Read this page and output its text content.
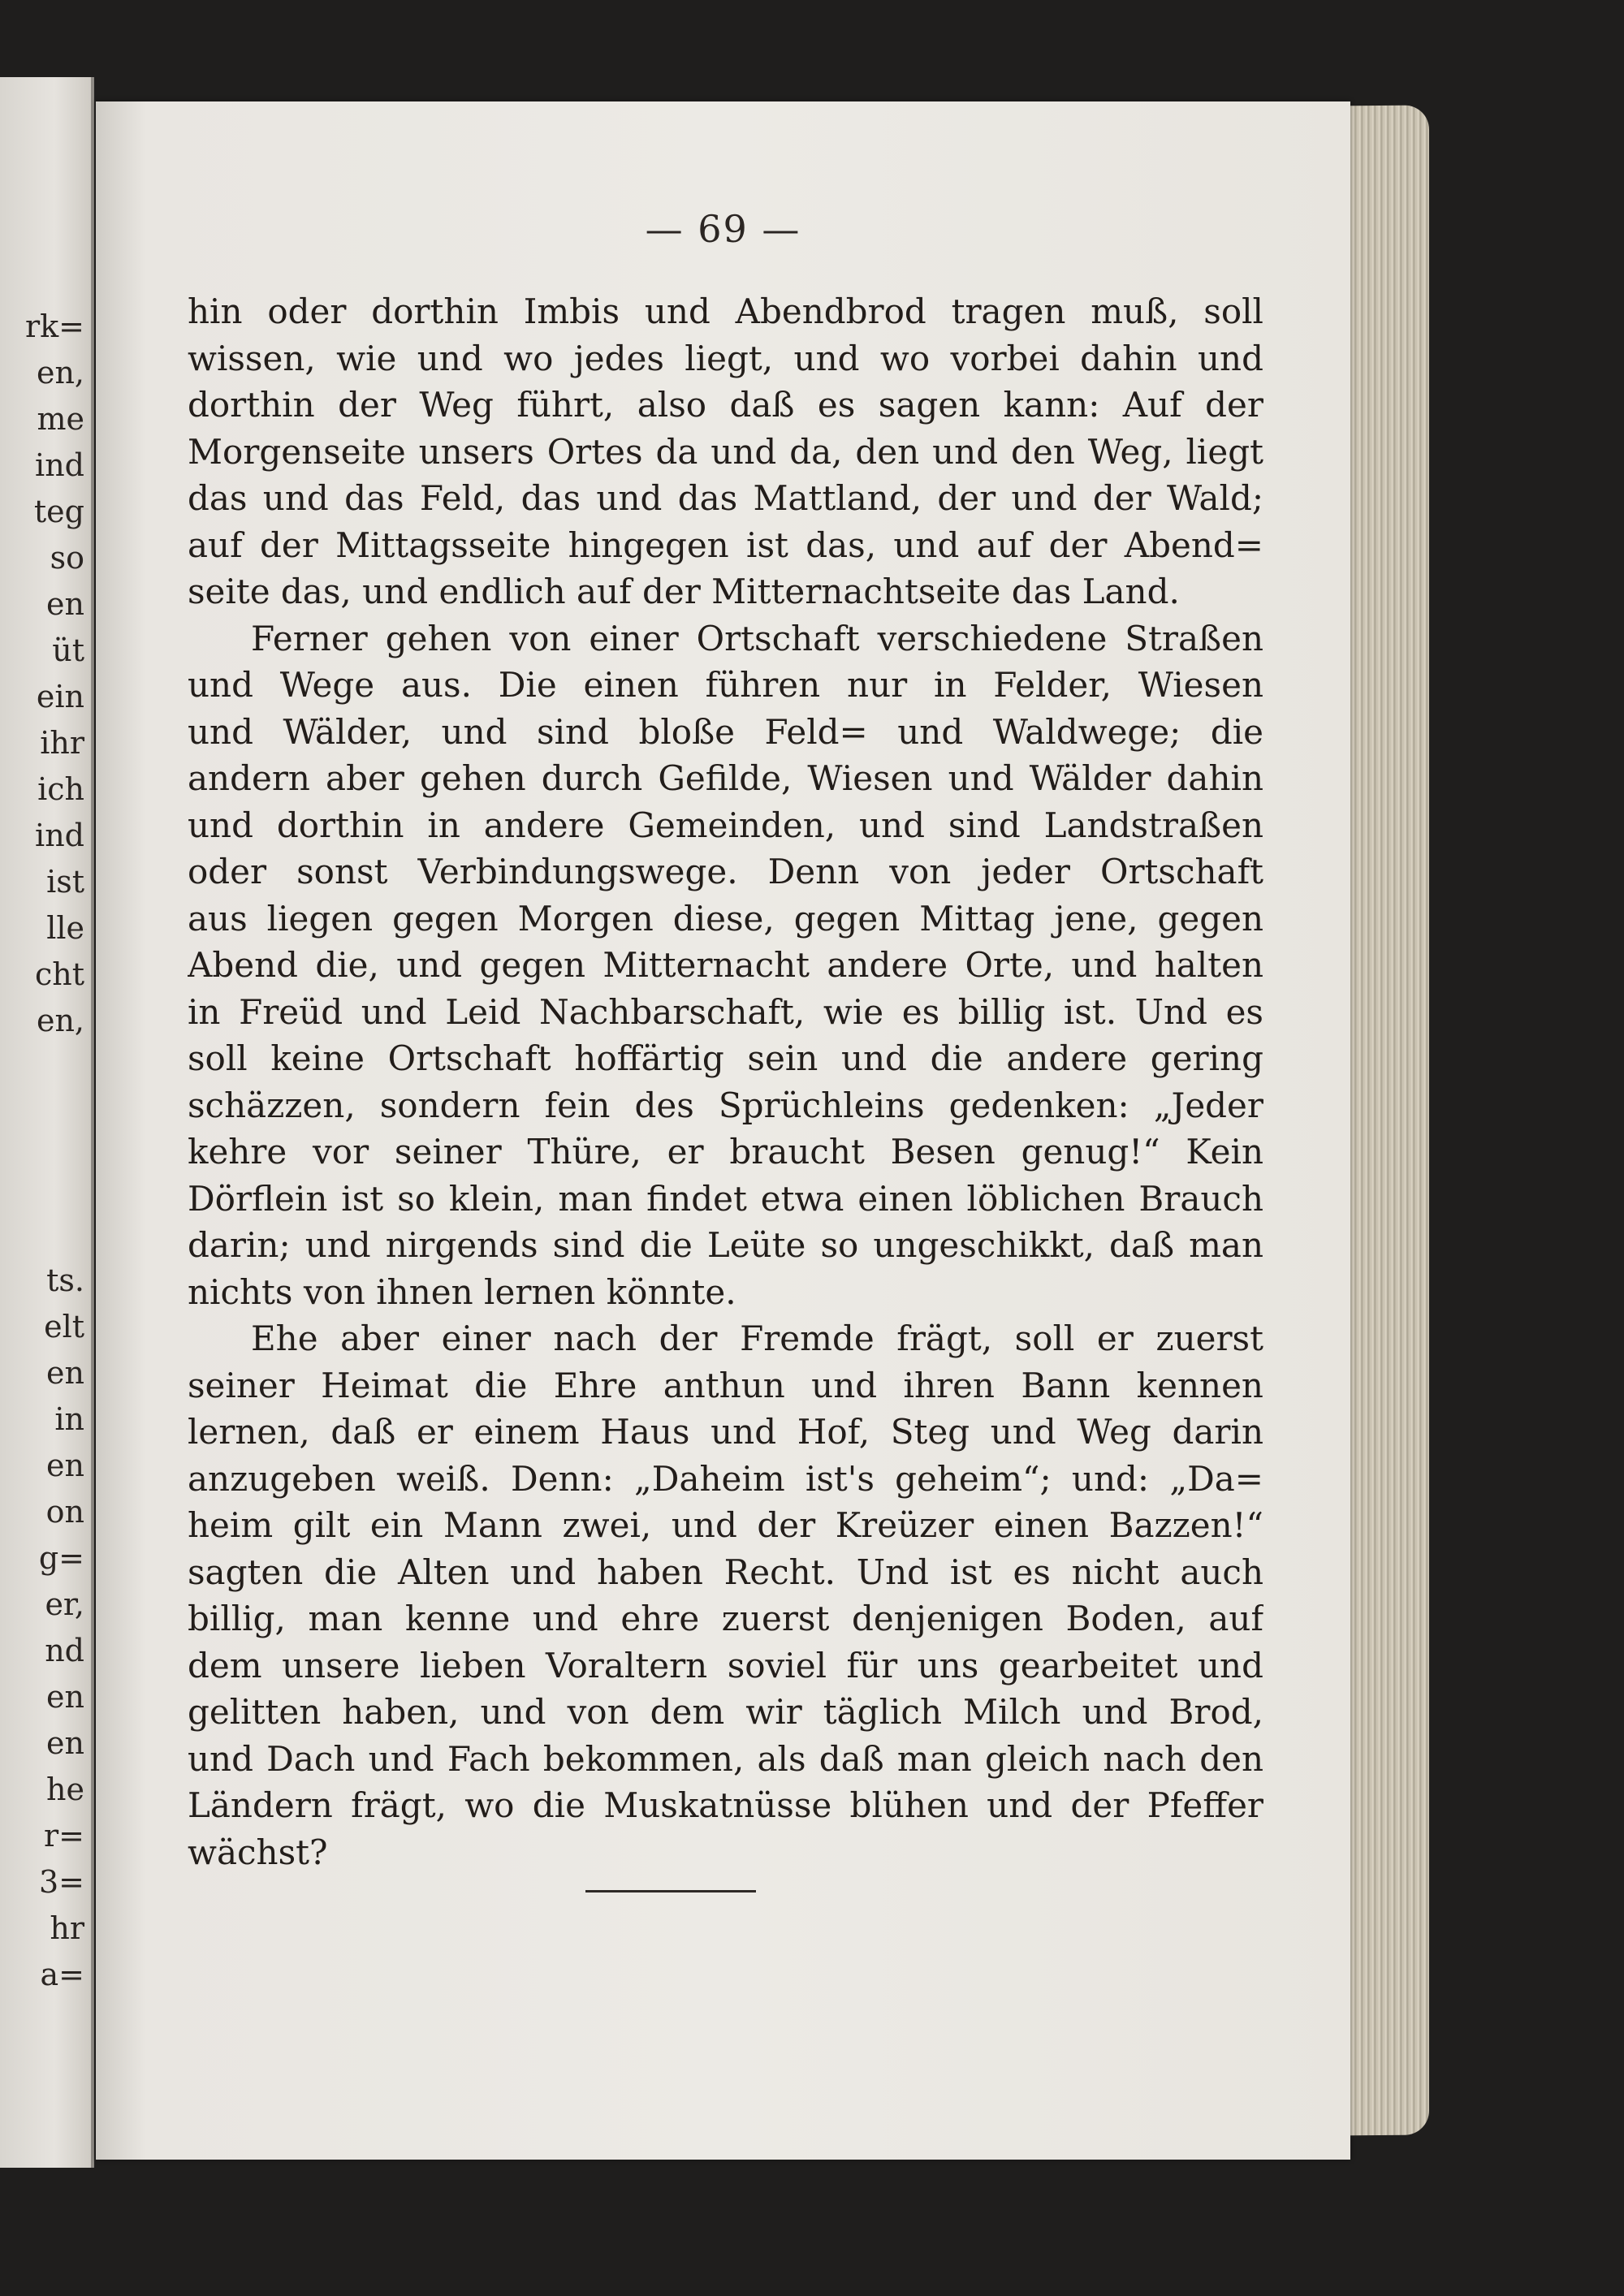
rk=
en,
me
ind
teg
so
en
üt
ein
ihr
ich
ind
ist
lle
cht
en,
ts.
elt
en
in
en
on
g=
er,
nd
en
en
he
r=
3=
hr
a=
— 69 —
hin oder dorthin Imbis und Abendbrod tragen muß, soll
wissen, wie und wo jedes liegt, und wo vorbei dahin und
dorthin der Weg führt, also daß es sagen kann: Auf der
Morgenseite unsers Ortes da und da, den und den Weg, liegt
das und das Feld, das und das Mattland, der und der Wald;
auf der Mittagsseite hingegen ist das, und auf der Abend=
seite das, und endlich auf der Mitternachtseite das Land.
Ferner gehen von einer Ortschaft verschiedene Straßen
und Wege aus. Die einen führen nur in Felder, Wiesen
und Wälder, und sind bloße Feld= und Waldwege; die
andern aber gehen durch Gefilde, Wiesen und Wälder dahin
und dorthin in andere Gemeinden, und sind Landstraßen
oder sonst Verbindungswege. Denn von jeder Ortschaft
aus liegen gegen Morgen diese, gegen Mittag jene, gegen
Abend die, und gegen Mitternacht andere Orte, und halten
in Freüd und Leid Nachbarschaft, wie es billig ist. Und es
soll keine Ortschaft hoffärtig sein und die andere gering
schäzzen, sondern fein des Sprüchleins gedenken: „Jeder
kehre vor seiner Thüre, er braucht Besen genug!“ Kein
Dörflein ist so klein, man findet etwa einen löblichen Brauch
darin; und nirgends sind die Leüte so ungeschikkt, daß man
nichts von ihnen lernen könnte.
Ehe aber einer nach der Fremde frägt, soll er zuerst
seiner Heimat die Ehre anthun und ihren Bann kennen
lernen, daß er einem Haus und Hof, Steg und Weg darin
anzugeben weiß. Denn: „Daheim ist's geheim“; und: „Da=
heim gilt ein Mann zwei, und der Kreüzer einen Bazzen!“
sagten die Alten und haben Recht. Und ist es nicht auch
billig, man kenne und ehre zuerst denjenigen Boden, auf
dem unsere lieben Voraltern soviel für uns gearbeitet und
gelitten haben, und von dem wir täglich Milch und Brod,
und Dach und Fach bekommen, als daß man gleich nach den
Ländern frägt, wo die Muskatnüsse blühen und der Pfeffer
wächst?
